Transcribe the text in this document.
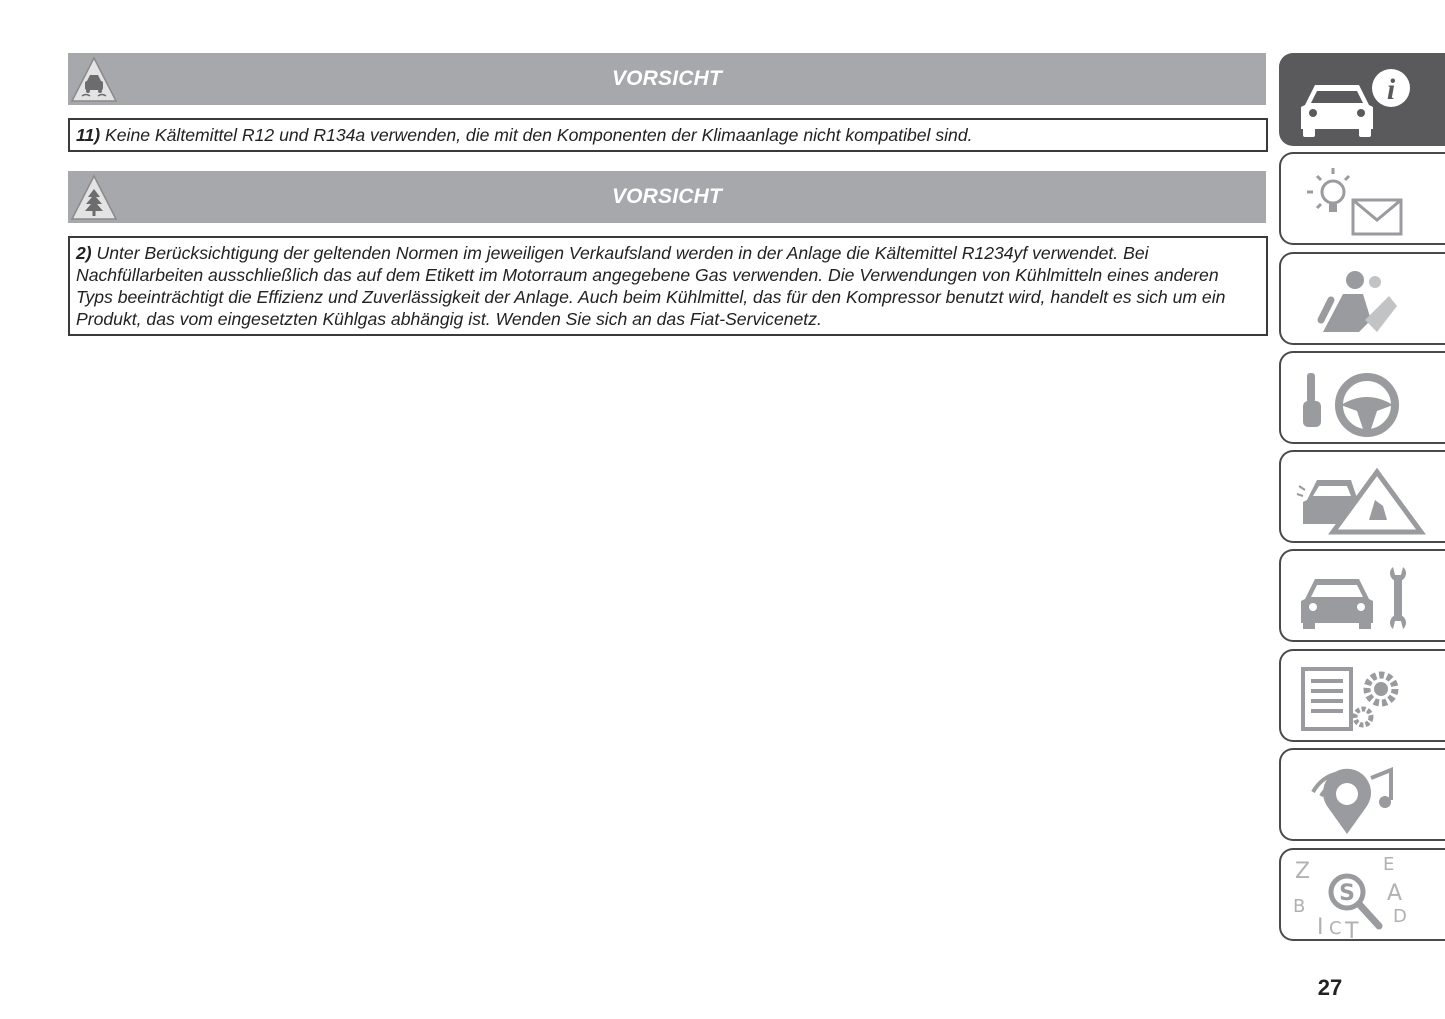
VORSICHT
11) Keine Kältemittel R12 und R134a verwenden, die mit den Komponenten der Klimaanlage nicht kompatibel sind.
VORSICHT
2) Unter Berücksichtigung der geltenden Normen im jeweiligen Verkaufsland werden in der Anlage die Kältemittel R1234yf verwendet. Bei Nachfüllarbeiten ausschließlich das auf dem Etikett im Motorraum angegebene Gas verwenden. Die Verwendungen von Kühlmitteln eines anderen Typs beeinträchtigt die Effizienz und Zuverlässigkeit der Anlage. Auch beim Kühlmittel, das für den Kompressor benutzt wird, handelt es sich um ein Produkt, das vom eingesetzten Kühlgas abhängig ist. Wenden Sie sich an das Fiat-Servicenetz.
i
Z	E
A
B	D
I C T
S
27
